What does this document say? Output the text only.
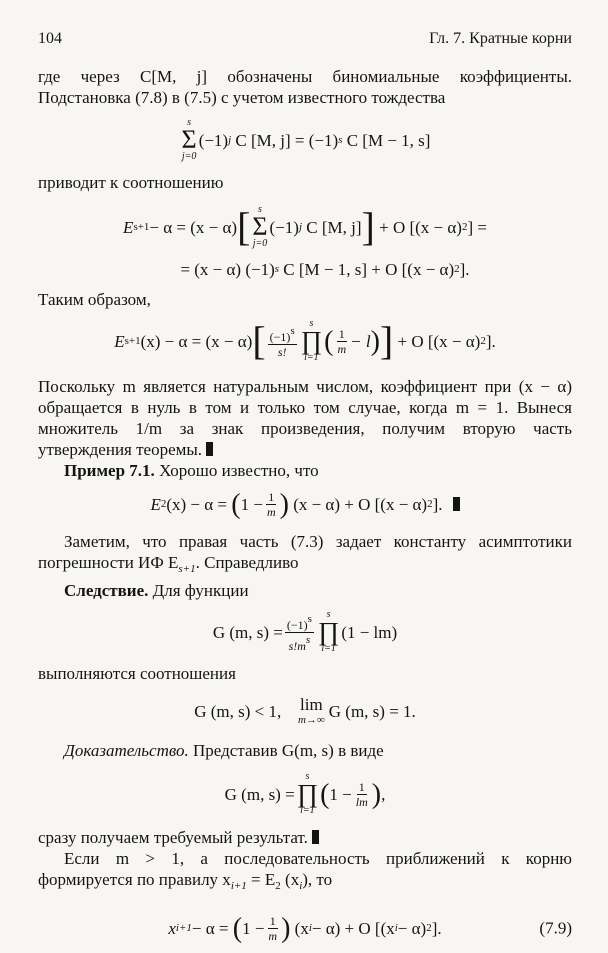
104	Гл. 7. Кратные корни

где через C[M, j] обозначены биномиальные коэффициенты. Подстановка (7.8) в (7.5) с учетом известного тождества

s
Σ
j=0
(−1) j
C [M, j] = (−1) s
C [M − 1, s]

приводит к соотношению

E s+1 − α = (x − α) [ s
Σ
j=0
(−1) j
C [M, j] ]
+ O [(x − α) 2 ] =
= (x − α) (−1) s
C [M − 1, s] + O [(x − α) 2 ].

Таким образом,

E s+1 (x) − α = (x − α) [ $\frac{(-1)s}{s!}$ s
∏
l=1
( $\frac{1}{m} - l$ ) ]
+ O [(x − α) 2 ].

Поскольку m является натуральным числом, коэффициент при (x − α) обращается в нуль в том и только том случае, когда m = 1. Вынеся множитель 1/m за знак произведения, получим вторую часть утверждения теоремы.

Пример 7.1. Хорошо известно, что

E 2 (x) − α =
( $1 - \frac{1}{m}$ )
(x − α) + O [(x − α) 2 ].

Заметим, что правая часть (7.3) задает константу асимптотики погрешности ИФ $E_{s+1}$. Справедливо

Следствие. Для функции

G (m, $s) = \frac{(-1)s}{s!ms}$ s
∏
l=1
(1 − lm)

выполняются соотношения

G (m, s) < 1,
lim
m→∞ G (m, s) = 1.

Доказательство. Представив G(m, s) в виде

G (m, s) =
s
∏
l=1
( $1 - \frac{1}{lm}$ ) ,

сразу получаем требуемый результат.

Если m > 1, а последовательность приближений к корню формируется по правилу $x_{i+1} = E_2$ $(x_i)$, то

x i+1 − α =
( $1 - \frac{1}{m}$ )
(x i − α) + O [(x i − α) 2 ].	(7.9)
